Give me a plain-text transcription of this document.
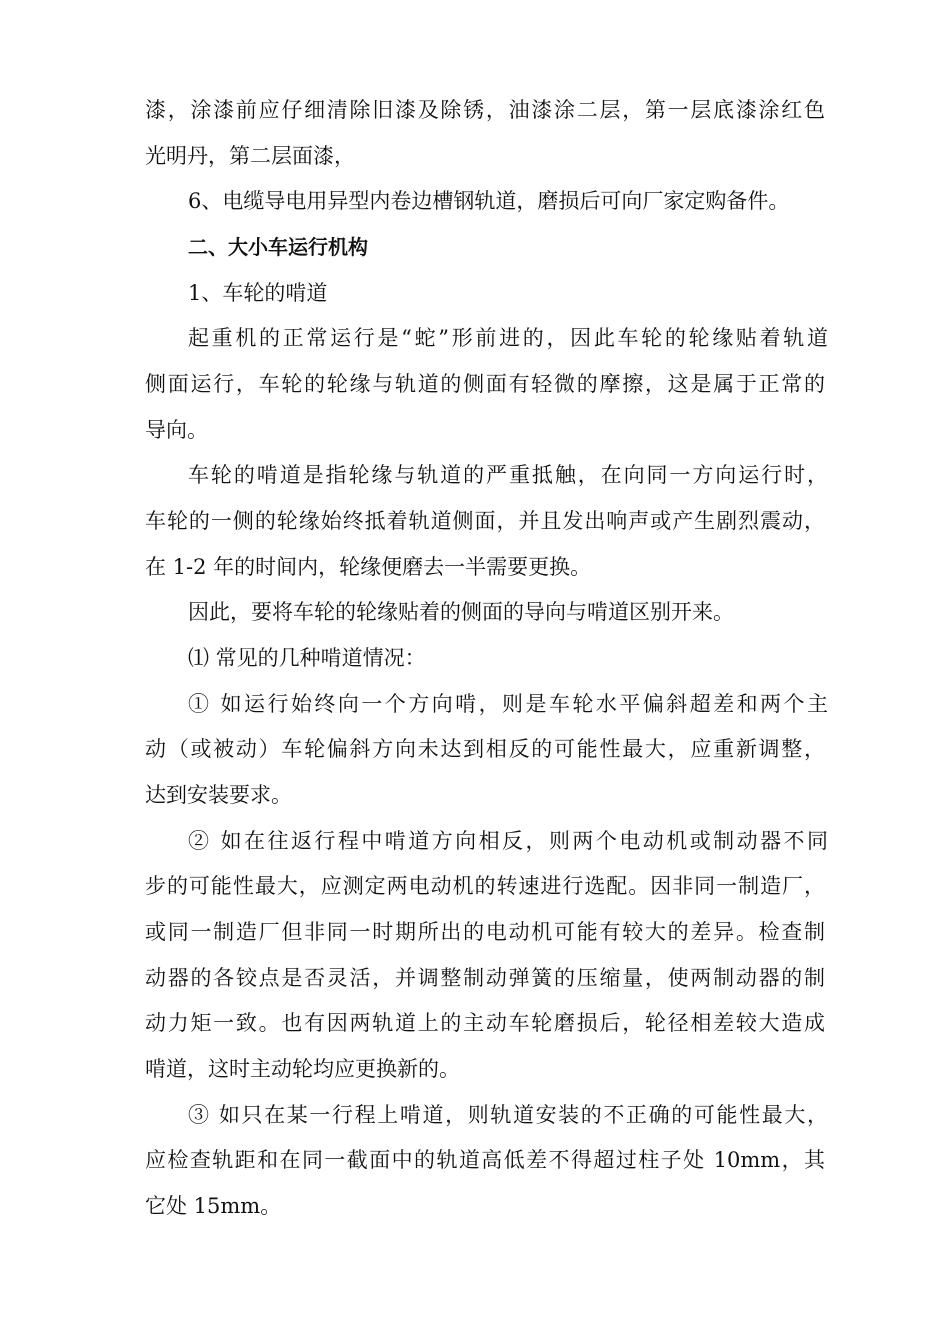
漆，涂漆前应仔细清除旧漆及除锈，油漆涂二层，第一层底漆涂红色
光明丹，第二层面漆，
6、电缆导电用异型内卷边槽钢轨道，磨损后可向厂家定购备件。
二、大小车运行机构
1、车轮的啃道
起重机的正常运行是“蛇”形前进的，因此车轮的轮缘贴着轨道
侧面运行，车轮的轮缘与轨道的侧面有轻微的摩擦，这是属于正常的
导向。
车轮的啃道是指轮缘与轨道的严重抵触，在向同一方向运行时，
车轮的一侧的轮缘始终抵着轨道侧面，并且发出响声或产生剧烈震动，
在 1-2 年的时间内，轮缘便磨去一半需要更换。
因此，要将车轮的轮缘贴着的侧面的导向与啃道区别开来。
⑴ 常见的几种啃道情况：
① 如运行始终向一个方向啃，则是车轮水平偏斜超差和两个主
动（或被动）车轮偏斜方向未达到相反的可能性最大，应重新调整，
达到安装要求。
② 如在往返行程中啃道方向相反，则两个电动机或制动器不同
步的可能性最大，应测定两电动机的转速进行选配。因非同一制造厂，
或同一制造厂但非同一时期所出的电动机可能有较大的差异。检查制
动器的各铰点是否灵活，并调整制动弹簧的压缩量，使两制动器的制
动力矩一致。也有因两轨道上的主动车轮磨损后，轮径相差较大造成
啃道，这时主动轮均应更换新的。
③ 如只在某一行程上啃道，则轨道安装的不正确的可能性最大，
应检查轨距和在同一截面中的轨道高低差不得超过柱子处 10mm，其
它处 15mm。
